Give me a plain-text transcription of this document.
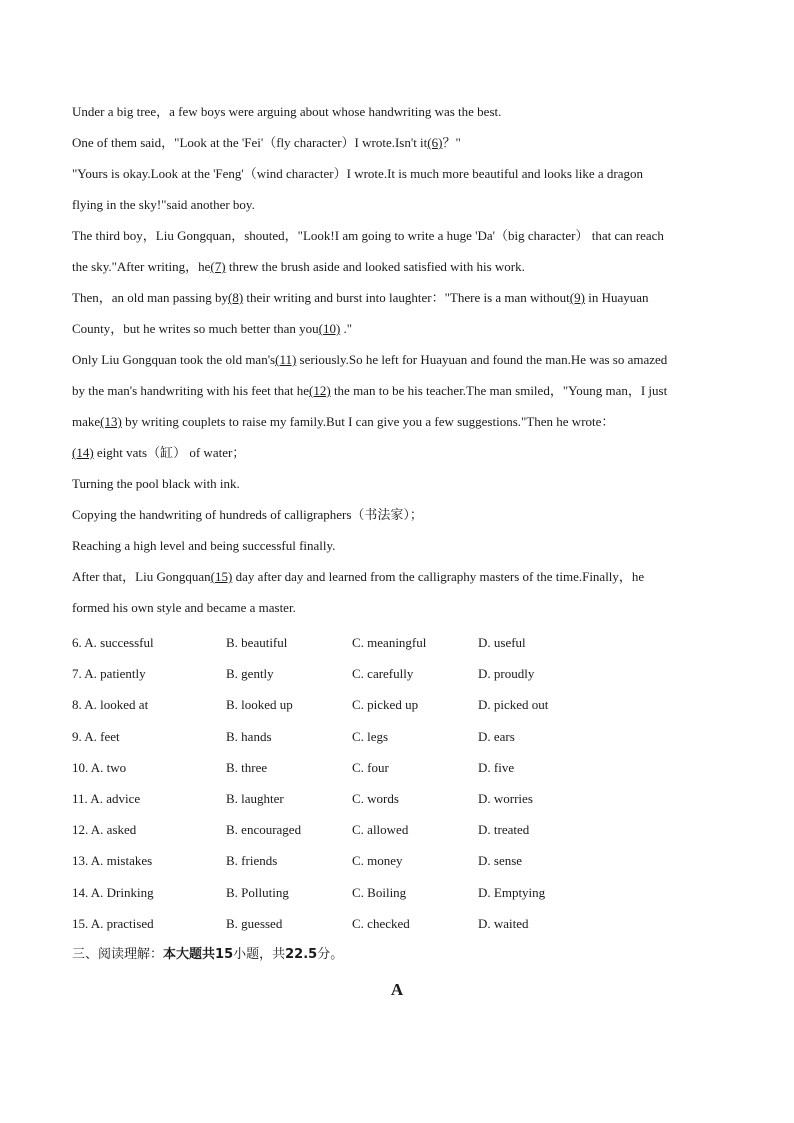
Under a big tree，a few boys were arguing about whose handwriting was the best.
One of them said，"Look at the 'Fei'（fly character）I wrote.Isn't it(6)？"
"Yours is okay.Look at the 'Feng'（wind character）I wrote.It is much more beautiful and looks like a dragon
flying in the sky!"said another boy.
The third boy，Liu Gongquan，shouted，"Look!I am going to write a huge 'Da'（big character） that can reach
the sky."After writing，he(7) threw the brush aside and looked satisfied with his work.
Then，an old man passing by(8) their writing and burst into laughter："There is a man without(9) in Huayuan
County，but he writes so much better than you(10) ."
Only Liu Gongquan took the old man's(11) seriously.So he left for Huayuan and found the man.He was so amazed
by the man's handwriting with his feet that he(12) the man to be his teacher.The man smiled，"Young man，I just
make(13) by writing couplets to raise my family.But I can give you a few suggestions."Then he wrote：
(14) eight vats（缸） of water；
Turning the pool black with ink.
Copying the handwriting of hundreds of calligraphers（书法家）；
Reaching a high level and being successful finally.
After that，Liu Gongquan(15) day after day and learned from the calligraphy masters of the time.Finally，he
formed his own style and became a master.
6. A. successful	B. beautiful	C. meaningful	D. useful
7. A. patiently	B. gently	C. carefully	D. proudly
8. A. looked at	B. looked up	C. picked up	D. picked out
9. A. feet	B. hands	C. legs	D. ears
10. A. two	B. three	C. four	D. five
11. A. advice	B. laughter	C. words	D. worries
12. A. asked	B. encouraged	C. allowed	D. treated
13. A. mistakes	B. friends	C. money	D. sense
14. A. Drinking	B. Polluting	C. Boiling	D. Emptying
15. A. practised	B. guessed	C. checked	D. waited
三、阅读理解：本大题共15小题，共22.5分。
A
